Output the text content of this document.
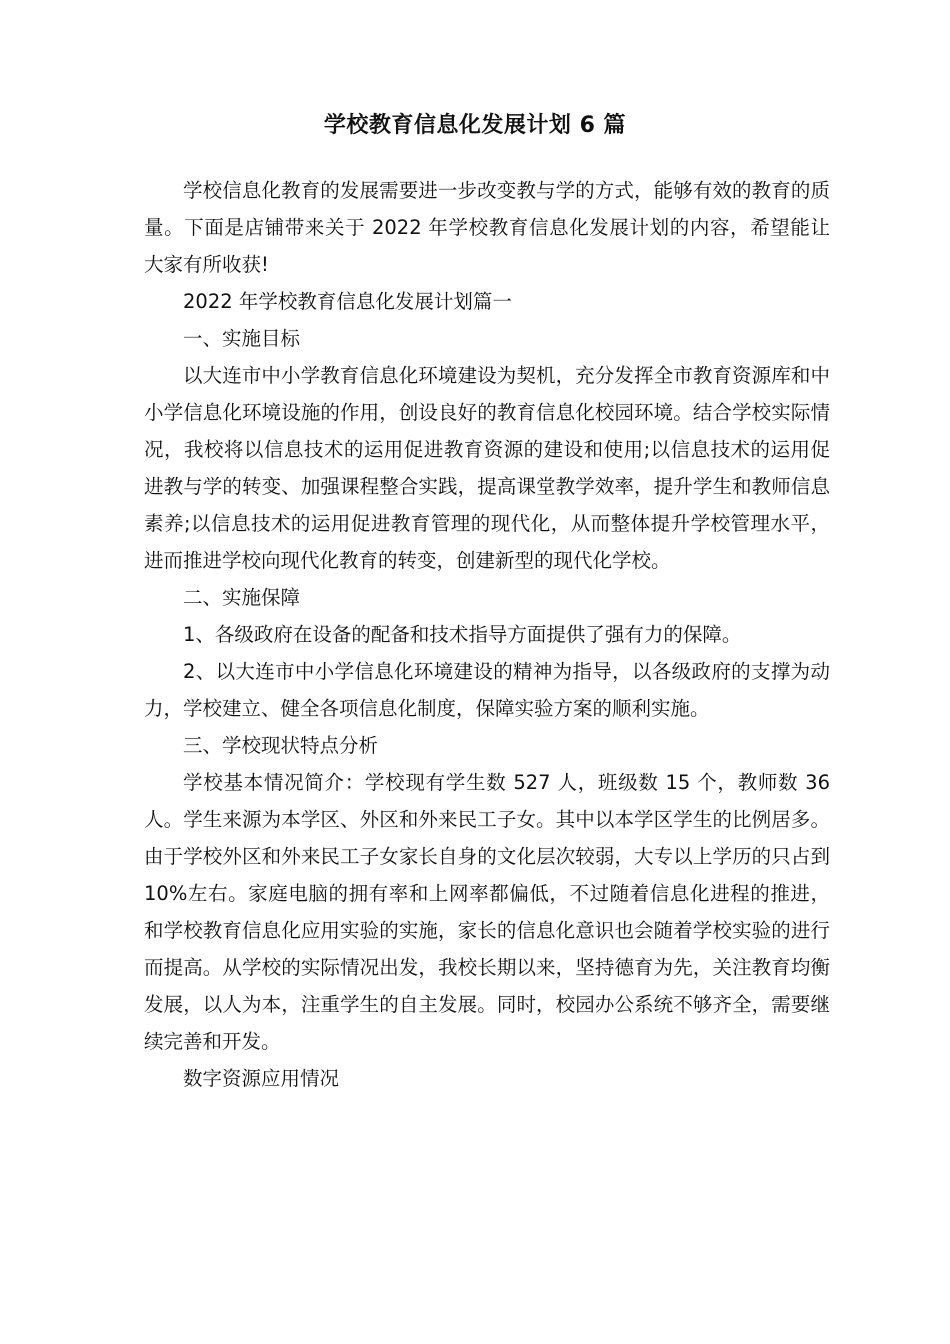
学校教育信息化发展计划 6 篇

学校信息化教育的发展需要进一步改变教与学的方式，能够有效的教育的质量。下面是店铺带来关于 2022 年学校教育信息化发展计划的内容，希望能让大家有所收获!

2022 年学校教育信息化发展计划篇一

一、实施目标

以大连市中小学教育信息化环境建设为契机，充分发挥全市教育资源库和中小学信息化环境设施的作用，创设良好的教育信息化校园环境。结合学校实际情况，我校将以信息技术的运用促进教育资源的建设和使用;以信息技术的运用促进教与学的转变、加强课程整合实践，提高课堂教学效率，提升学生和教师信息素养;以信息技术的运用促进教育管理的现代化，从而整体提升学校管理水平，进而推进学校向现代化教育的转变，创建新型的现代化学校。

二、实施保障

1、各级政府在设备的配备和技术指导方面提供了强有力的保障。

2、以大连市中小学信息化环境建设的精神为指导，以各级政府的支撑为动力，学校建立、健全各项信息化制度，保障实验方案的顺利实施。

三、学校现状特点分析

学校基本情况简介：学校现有学生数 527 人，班级数 15 个，教师数 36 人。学生来源为本学区、外区和外来民工子女。其中以本学区学生的比例居多。由于学校外区和外来民工子女家长自身的文化层次较弱，大专以上学历的只占到 10%左右。家庭电脑的拥有率和上网率都偏低，不过随着信息化进程的推进，和学校教育信息化应用实验的实施，家长的信息化意识也会随着学校实验的进行而提高。从学校的实际情况出发，我校长期以来，坚持德育为先，关注教育均衡发展，以人为本，注重学生的自主发展。同时，校园办公系统不够齐全，需要继续完善和开发。

数字资源应用情况
